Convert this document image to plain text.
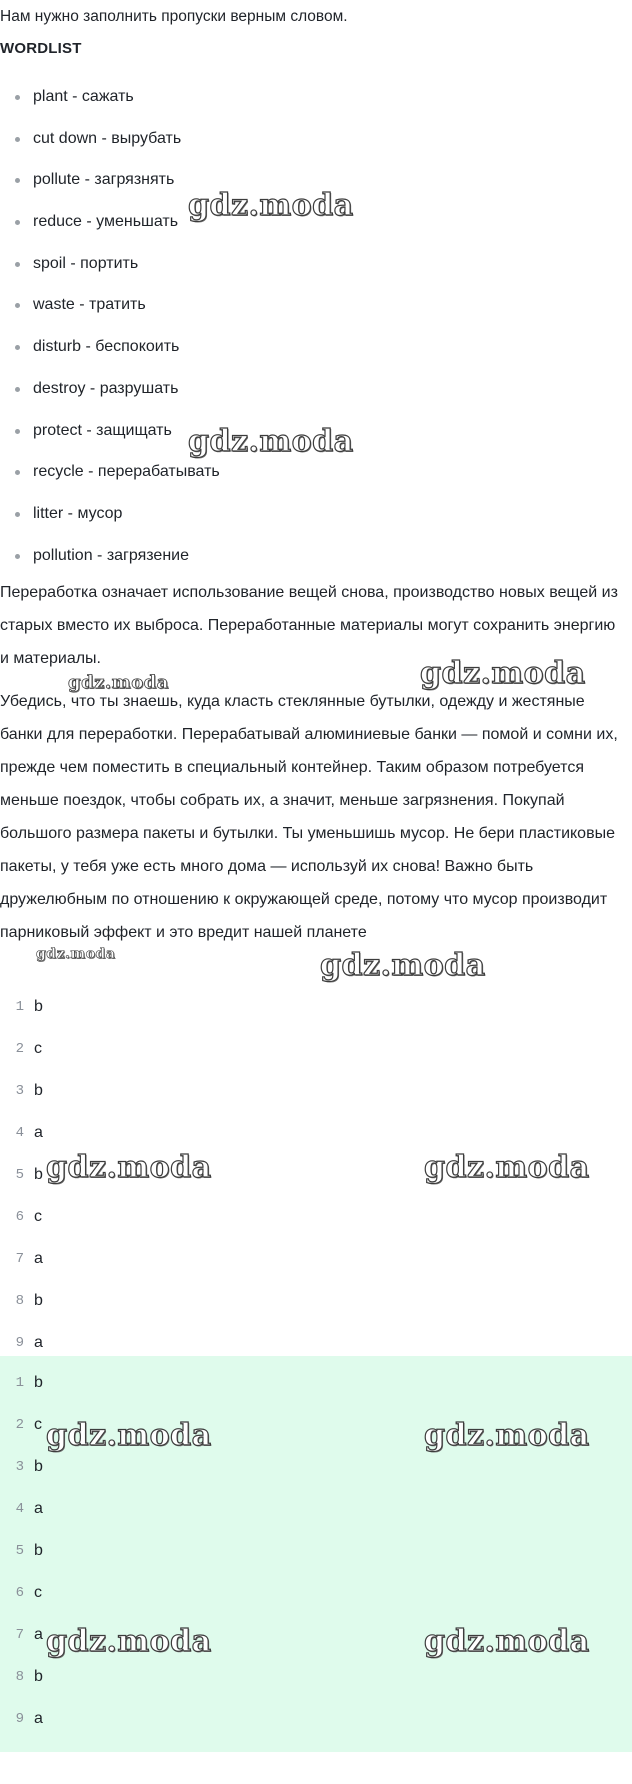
Нам нужно заполнить пропуски верным словом.
WORDLIST
plant - сажать
cut down - вырубать
pollute - загрязнять
reduce - уменьшать
spoil - портить
waste - тратить
disturb - беспокоить
destroy - разрушать
protect - защищать
recycle - перерабатывать
litter - мусор
pollution - загрязение

Переработка означает использование вещей снова, производство новых вещей из старых вместо их выброса. Переработанные материалы могут сохранить энергию и материалы.

Убедись, что ты знаешь, куда класть стеклянные бутылки, одежду и жестяные банки для переработки. Перерабатывай алюминиевые банки — помой и сомни их, прежде чем поместить в специальный контейнер. Таким образом потребуется меньше поездок, чтобы собрать их, а значит, меньше загрязнения. Покупай большого размера пакеты и бутылки. Ты уменьшишь мусор. Не бери пластиковые пакеты, у тебя уже есть много дома — используй их снова! Важно быть дружелюбным по отношению к окружающей среде, потому что мусор производит парниковый эффект и это вредит нашей планете

1 b
2 c
3 b
4 a
5 b
6 c
7 a
8 b
9 a
1 b
2 c
3 b
4 a
5 b
6 c
7 a
8 b
9 a
gdz.moda
gdz.moda
gdz.moda
gdz.moda
gdz.moda
gdz.moda
gdz.moda	gdz.moda
gdz.moda	gdz.moda
gdz.moda	gdz.moda
